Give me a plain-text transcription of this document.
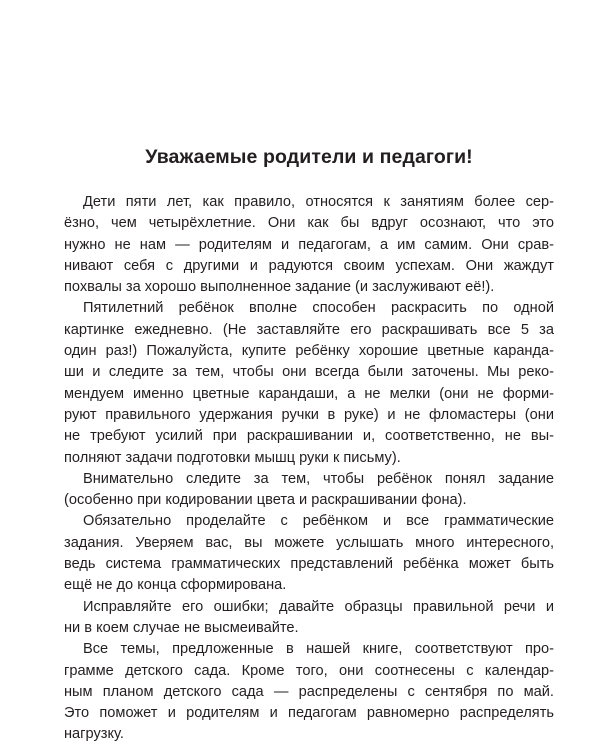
Уважаемые родители и педагоги!

Дети пяти лет, как правило, относятся к занятиям более сер-
ёзно, чем четырёхлетние. Они как бы вдруг осознают, что это
нужно не нам — родителям и педагогам, а им самим. Они срав-
нивают себя с другими и радуются своим успехам. Они жаждут
похвалы за хорошо выполненное задание (и заслуживают её!).

Пятилетний ребёнок вполне способен раскрасить по одной
картинке ежедневно. (Не заставляйте его раскрашивать все 5 за
один раз!) Пожалуйста, купите ребёнку хорошие цветные каранда-
ши и следите за тем, чтобы они всегда были заточены. Мы реко-
мендуем именно цветные карандаши, а не мелки (они не форми-
руют правильного удержания ручки в руке) и не фломастеры (они
не требуют усилий при раскрашивании и, соответственно, не вы-
полняют задачи подготовки мышц руки к письму).

Внимательно следите за тем, чтобы ребёнок понял задание
(особенно при кодировании цвета и раскрашивании фона).

Обязательно проделайте с ребёнком и все грамматические
задания. Уверяем вас, вы можете услышать много интересного,
ведь система грамматических представлений ребёнка может быть
ещё не до конца сформирована.

Исправляйте его ошибки; давайте образцы правильной речи и
ни в коем случае не высмеивайте.

Все темы, предложенные в нашей книге, соответствуют про-
грамме детского сада. Кроме того, они соотнесены с календар-
ным планом детского сада — распределены с сентября по май.
Это поможет и родителям и педагогам равномерно распределять
нагрузку.
